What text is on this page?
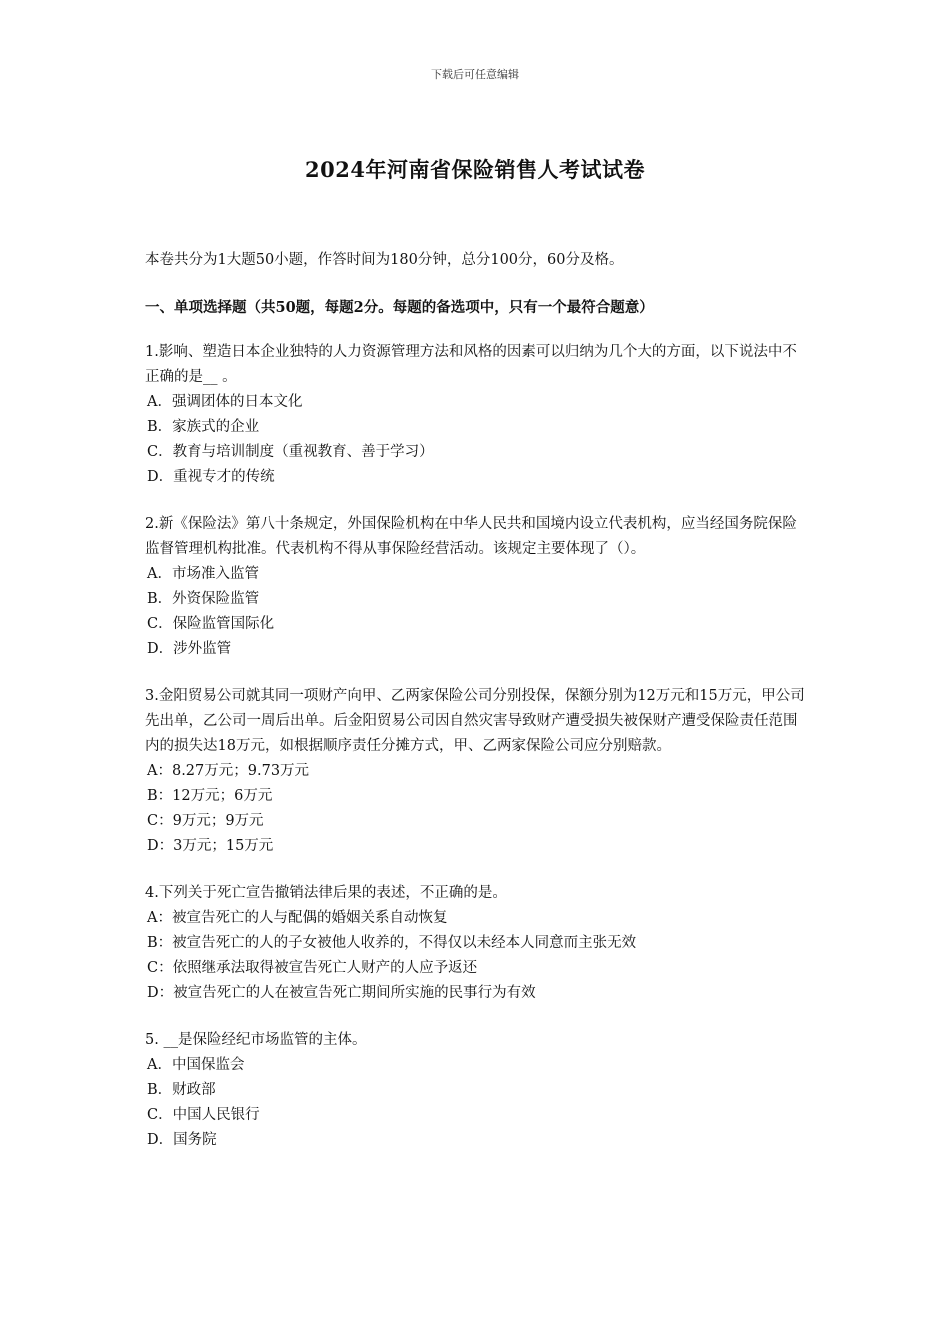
下载后可任意编辑
2024年河南省保险销售人考试试卷

本卷共分为1大题50小题，作答时间为180分钟，总分100分，60分及格。

一、单项选择题（共50题，每题2分。每题的备选项中，只有一个最符合题意）

1.影响、塑造日本企业独特的人力资源管理方法和风格的因素可以归纳为几个大的方面，以下说法中不正确的是__ 。

A．强调团体的日本文化
B．家族式的企业
C．教育与培训制度（重视教育、善于学习）
D．重视专才的传统

2.新《保险法》第八十条规定，外国保险机构在中华人民共和国境内设立代表机构，应当经国务院保险监督管理机构批准。代表机构不得从事保险经营活动。该规定主要体现了（）。

A．市场准入监管
B．外资保险监管
C．保险监管国际化
D．涉外监管

3.金阳贸易公司就其同一项财产向甲、乙两家保险公司分别投保，保额分别为12万元和15万元，甲公司先出单，乙公司一周后出单。后金阳贸易公司因自然灾害导致财产遭受损失被保财产遭受保险责任范围内的损失达18万元，如根据顺序责任分摊方式，甲、乙两家保险公司应分别赔款。

A：8.27万元；9.73万元
B：12万元；6万元
C：9万元；9万元
D：3万元；15万元

4.下列关于死亡宣告撤销法律后果的表述，不正确的是。

A：被宣告死亡的人与配偶的婚姻关系自动恢复
B：被宣告死亡的人的子女被他人收养的，不得仅以未经本人同意而主张无效
C：依照继承法取得被宣告死亡人财产的人应予返还
D：被宣告死亡的人在被宣告死亡期间所实施的民事行为有效

5. __是保险经纪市场监管的主体。

A．中国保监会
B．财政部
C．中国人民银行
D．国务院
